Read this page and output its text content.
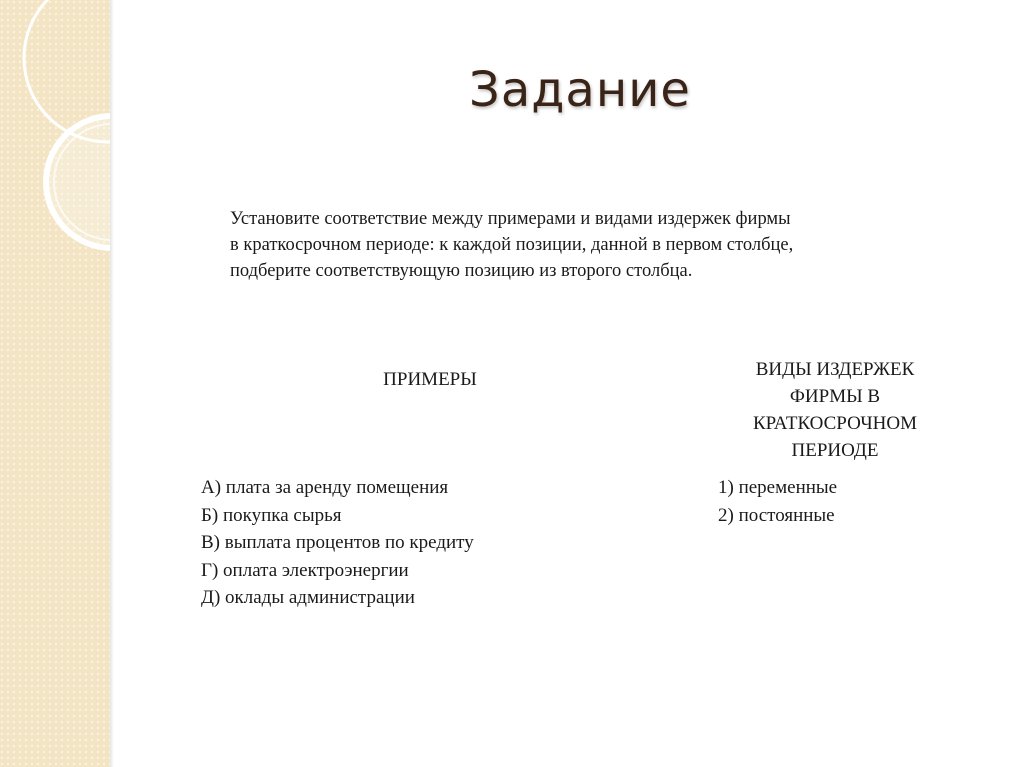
Задание
Установите соответствие между примерами и видами издержек фирмы
в краткосрочном периоде: к каждой позиции, данной в первом столбце,
подберите соответствующую позицию из второго столбца.
ПРИМЕРЫ	ВИДЫ ИЗДЕРЖЕК
ФИРМЫ В
КРАТКОСРОЧНОМ
ПЕРИОДЕ
А) плата за аренду помещения
Б) покупка сырья
В) выплата процентов по кредиту
Г) оплата электроэнергии
Д) оклады администрации
1) переменные
2) постоянные
